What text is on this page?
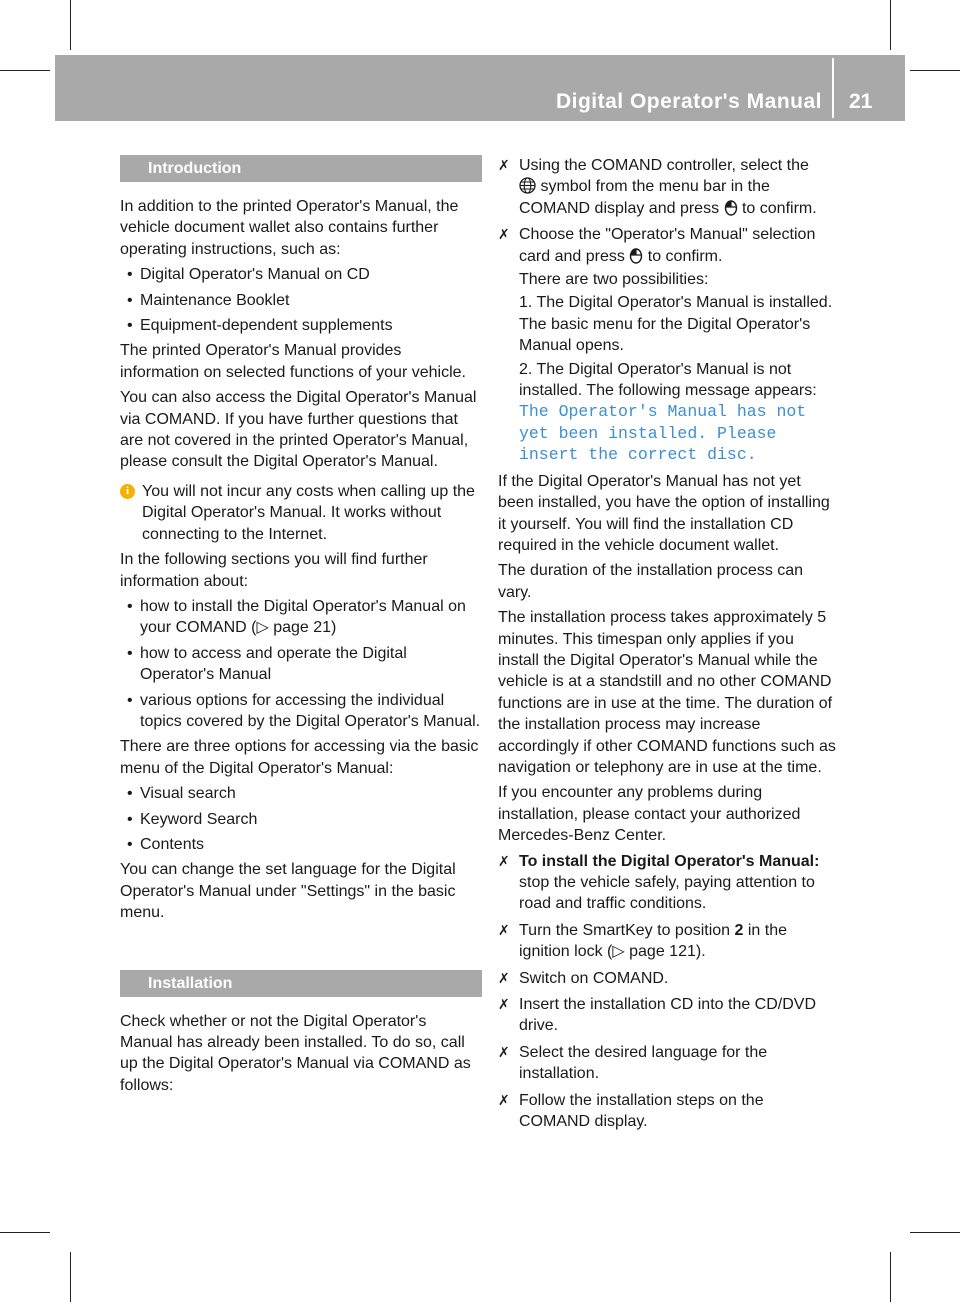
Digital Operator's Manual 21
Introduction

In addition to the printed Operator's Manual, the vehicle document wallet also contains further operating instructions, such as:

• Digital Operator's Manual on CD
• Maintenance Booklet
• Equipment-dependent supplements

The printed Operator's Manual provides information on selected functions of your vehicle.

You can also access the Digital Operator's Manual via COMAND. If you have further questions that are not covered in the printed Operator's Manual, please consult the Digital Operator's Manual.

i You will not incur any costs when calling up the Digital Operator's Manual. It works without connecting to the Internet.

In the following sections you will find further information about:

• how to install the Digital Operator's Manual on your COMAND (▷ page 21)
• how to access and operate the Digital Operator's Manual
• various options for accessing the individual topics covered by the Digital Operator's Manual.

There are three options for accessing via the basic menu of the Digital Operator's Manual:

• Visual search
• Keyword Search
• Contents

You can change the set language for the Digital Operator's Manual under "Settings" in the basic menu.

Installation

Check whether or not the Digital Operator's Manual has already been installed. To do so, call up the Digital Operator's Manual via COMAND as follows:

✗ Using the COMAND controller, select the
symbol from the menu bar in the COMAND display and press to confirm.
✗ Choose the "Operator's Manual" selection card and press to confirm.
There are two possibilities:
1. The Digital Operator's Manual is installed. The basic menu for the Digital Operator's Manual opens.
2. The Digital Operator's Manual is not installed. The following message appears:
The Operator's Manual has not yet been installed. Please insert the correct disc.

If the Digital Operator's Manual has not yet been installed, you have the option of installing it yourself. You will find the installation CD required in the vehicle document wallet.

The duration of the installation process can vary.

The installation process takes approximately 5 minutes. This timespan only applies if you install the Digital Operator's Manual while the vehicle is at a standstill and no other COMAND functions are in use at the time. The duration of the installation process may increase accordingly if other COMAND functions such as navigation or telephony are in use at the time.

If you encounter any problems during installation, please contact your authorized Mercedes-Benz Center.

✗ To install the Digital Operator's Manual: stop the vehicle safely, paying attention to road and traffic conditions.
✗ Turn the SmartKey to position 2 in the ignition lock (▷ page 121).
✗ Switch on COMAND.
✗ Insert the installation CD into the CD/DVD drive.
✗ Select the desired language for the installation.
✗ Follow the installation steps on the COMAND display.
